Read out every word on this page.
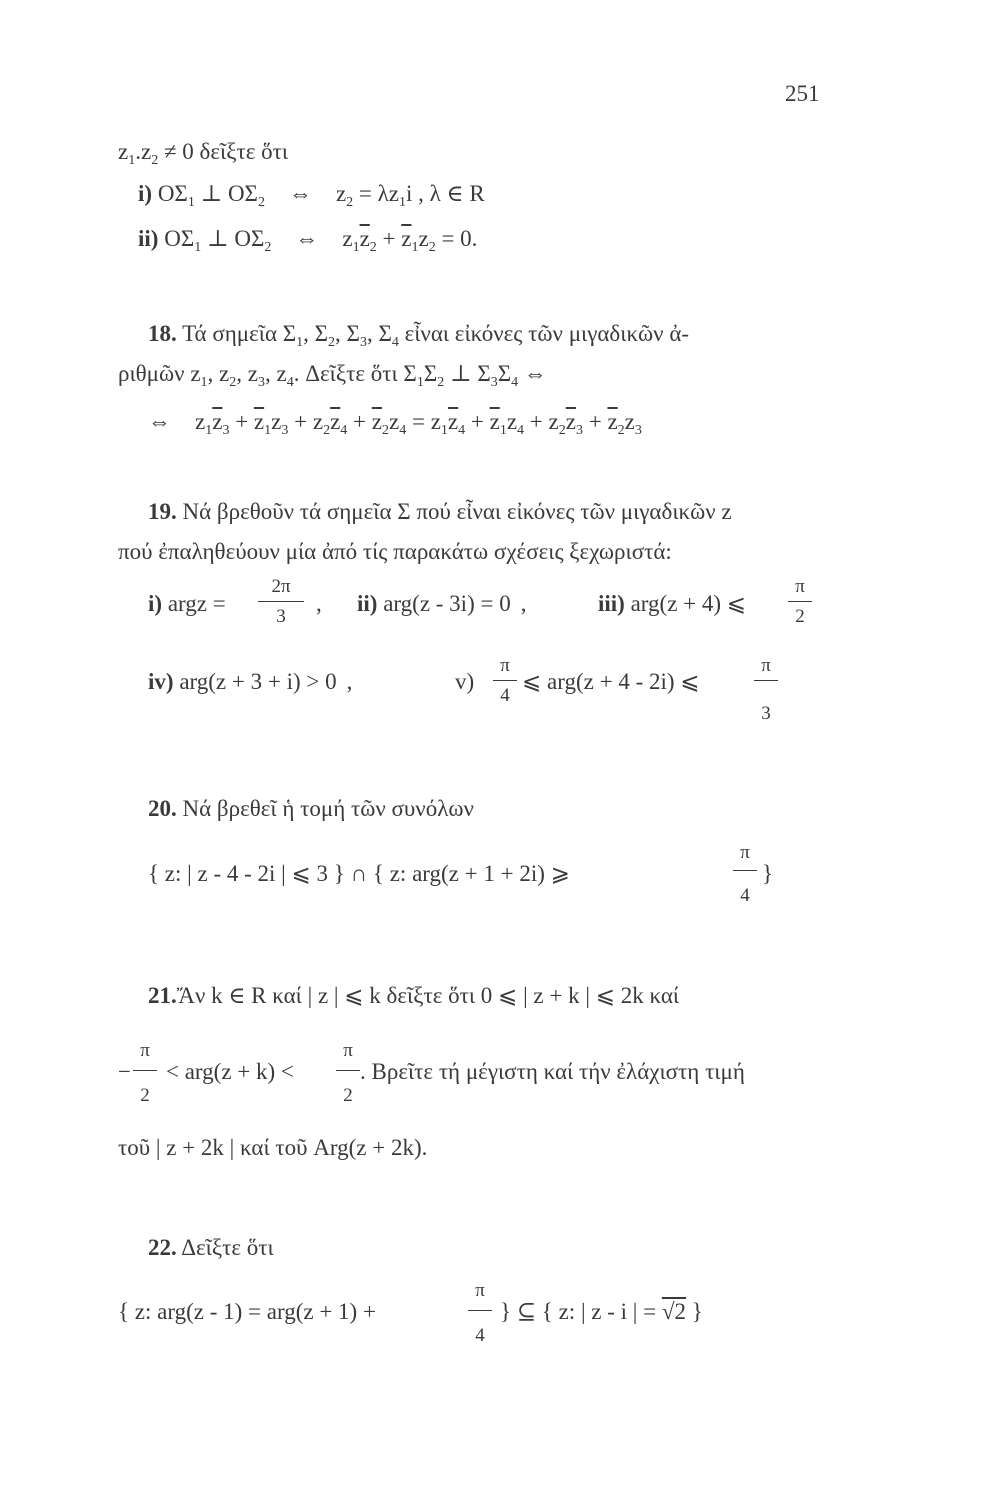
251
$z_1.z_2 \ne 0$ δεῖξτε ὅτι
i) $O\Sigma_1$ ⊥ $O\Sigma_2$ ⇔ $z_2 = \lambda z_1i$ , λ ∈ R
ii) $O\Sigma_1$ ⊥ $O\Sigma_2$ ⇔ $z_1\overline{z}_2 + \overline{z}_1z_2 = 0$.
18. Τά σημεῖα $\Sigma_1$, $\Sigma_2$, $\Sigma_3$, $\Sigma_4$ εἶναι εἰκόνες τῶν μιγαδικῶν ἀ-
ριθμῶν $z_1$, $z_2$, $z_3$, $z_4$. Δεῖξτε ὅτι $\Sigma_1\Sigma_2$ ⊥ $\Sigma_3\Sigma_4$ ⇔
⇔ $z_1\overline{z}_3 + \overline{z}_1z_3 + z_2\overline{z}_4 + \overline{z}_2z_4 = z_1\overline{z}_4 + \overline{z}_1z_4 + z_2\overline{z}_3 + \overline{z}_2z_3$
19. Νά βρεθοῦν τά σημεῖα Σ πού εἶναι εἰκόνες τῶν μιγαδικῶν z
πού ἐπαληθεύουν μία ἀπό τίς παρακάτω σχέσεις ξεχωριστά:
i) argz =
2π
3
, ii) arg(z - 3i) = 0 ,	iii) arg(z + 4) ⩽
π
2
iv) arg(z + 3 + i) > 0 ,	v)
π
4
⩽ arg(z + 4 - 2i) ⩽
π
3
20. Νά βρεθεῖ ἡ τομή τῶν συνόλων
{ z: | z - 4 - 2i | ⩽ 3 } ∩ { z: arg(z + 1 + 2i) ⩾
π
4
}
21.Ἄν k ∈ R καί | z | ⩽ k δεῖξτε ὅτι 0 ⩽ | z + k | ⩽ 2k καί
−
π
2
< arg(z + k) <
π
2
. Βρεῖτε τή μέγιστη καί τήν ἐλάχιστη τιμή
τοῦ | z + 2k | καί τοῦ Arg(z + 2k).
22. Δεῖξτε ὅτι
{ z: arg(z - 1) = arg(z + 1) +
π
4
} ⊆ { z: | z - i | = √2 }
